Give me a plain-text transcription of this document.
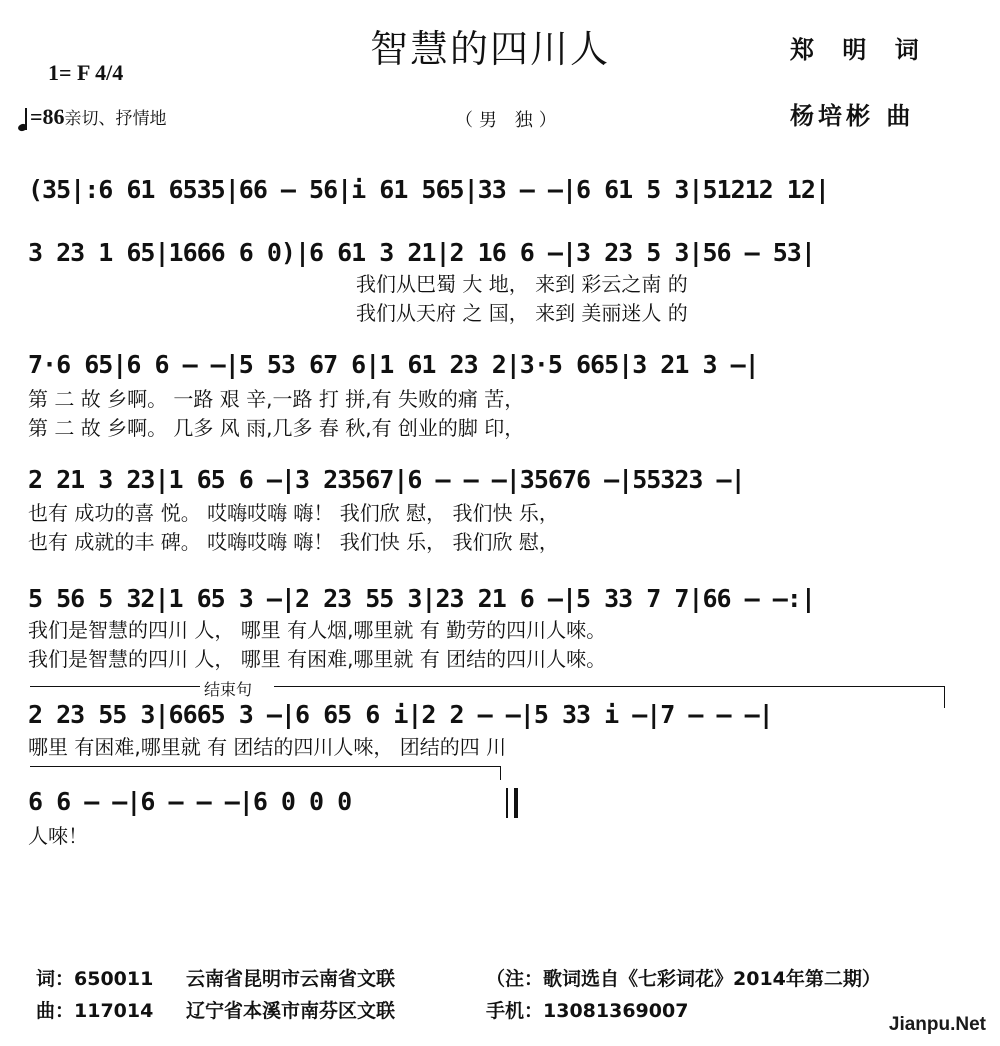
智慧的四川人	郑 明 词
1= F 4/4
=86亲切、抒情地	（男 独）	杨培彬 曲
(35|:6 61 6535|66 — 56|i 61 565|33 — —|6 61 5 3|51212 12|
3 23 1 65|1666 6 0)|6 61 3 21|2 16 6 —|3 23 5 3|56 — 53|
我们从巴蜀 大 地， 来到 彩云之南 的
我们从天府 之 国， 来到 美丽迷人 的
7·6 65|6 6 — —|5 53 67 6|1 61 23 2|3·5 665|3 21 3 —|
第 二 故 乡啊。 一路 艰 辛,一路 打 拼,有 失败的痛 苦，
第 二 故 乡啊。 几多 风 雨,几多 春 秋,有 创业的脚 印，
2 21 3 23|1 65 6 —|3 23567|6 — — —|35676 —|55323 —|
也有 成功的喜 悦。 哎嗨哎嗨 嗨！ 我们欣 慰， 我们快 乐，
也有 成就的丰 碑。 哎嗨哎嗨 嗨！ 我们快 乐， 我们欣 慰，
5 56 5 32|1 65 3 —|2 23 55 3|23 21 6 —|5 33 7 7|66 — —:|
我们是智慧的四川 人， 哪里 有人烟,哪里就 有 勤劳的四川人唻。
我们是智慧的四川 人， 哪里 有困难,哪里就 有 团结的四川人唻。
结束句
2 23 55 3|6665 3 —|6 65 6 i|2 2 — —|5 33 i —|7 — — —|
哪里 有困难,哪里就 有 团结的四川人唻， 团结的四 川
6 6 — —|6 — — —|6 0 0 0
人唻！
词：650011 云南省昆明市云南省文联	（注：歌词选自《七彩词花》2014年第二期）
曲：117014 辽宁省本溪市南芬区文联	手机：13081369007
Jianpu.Net
